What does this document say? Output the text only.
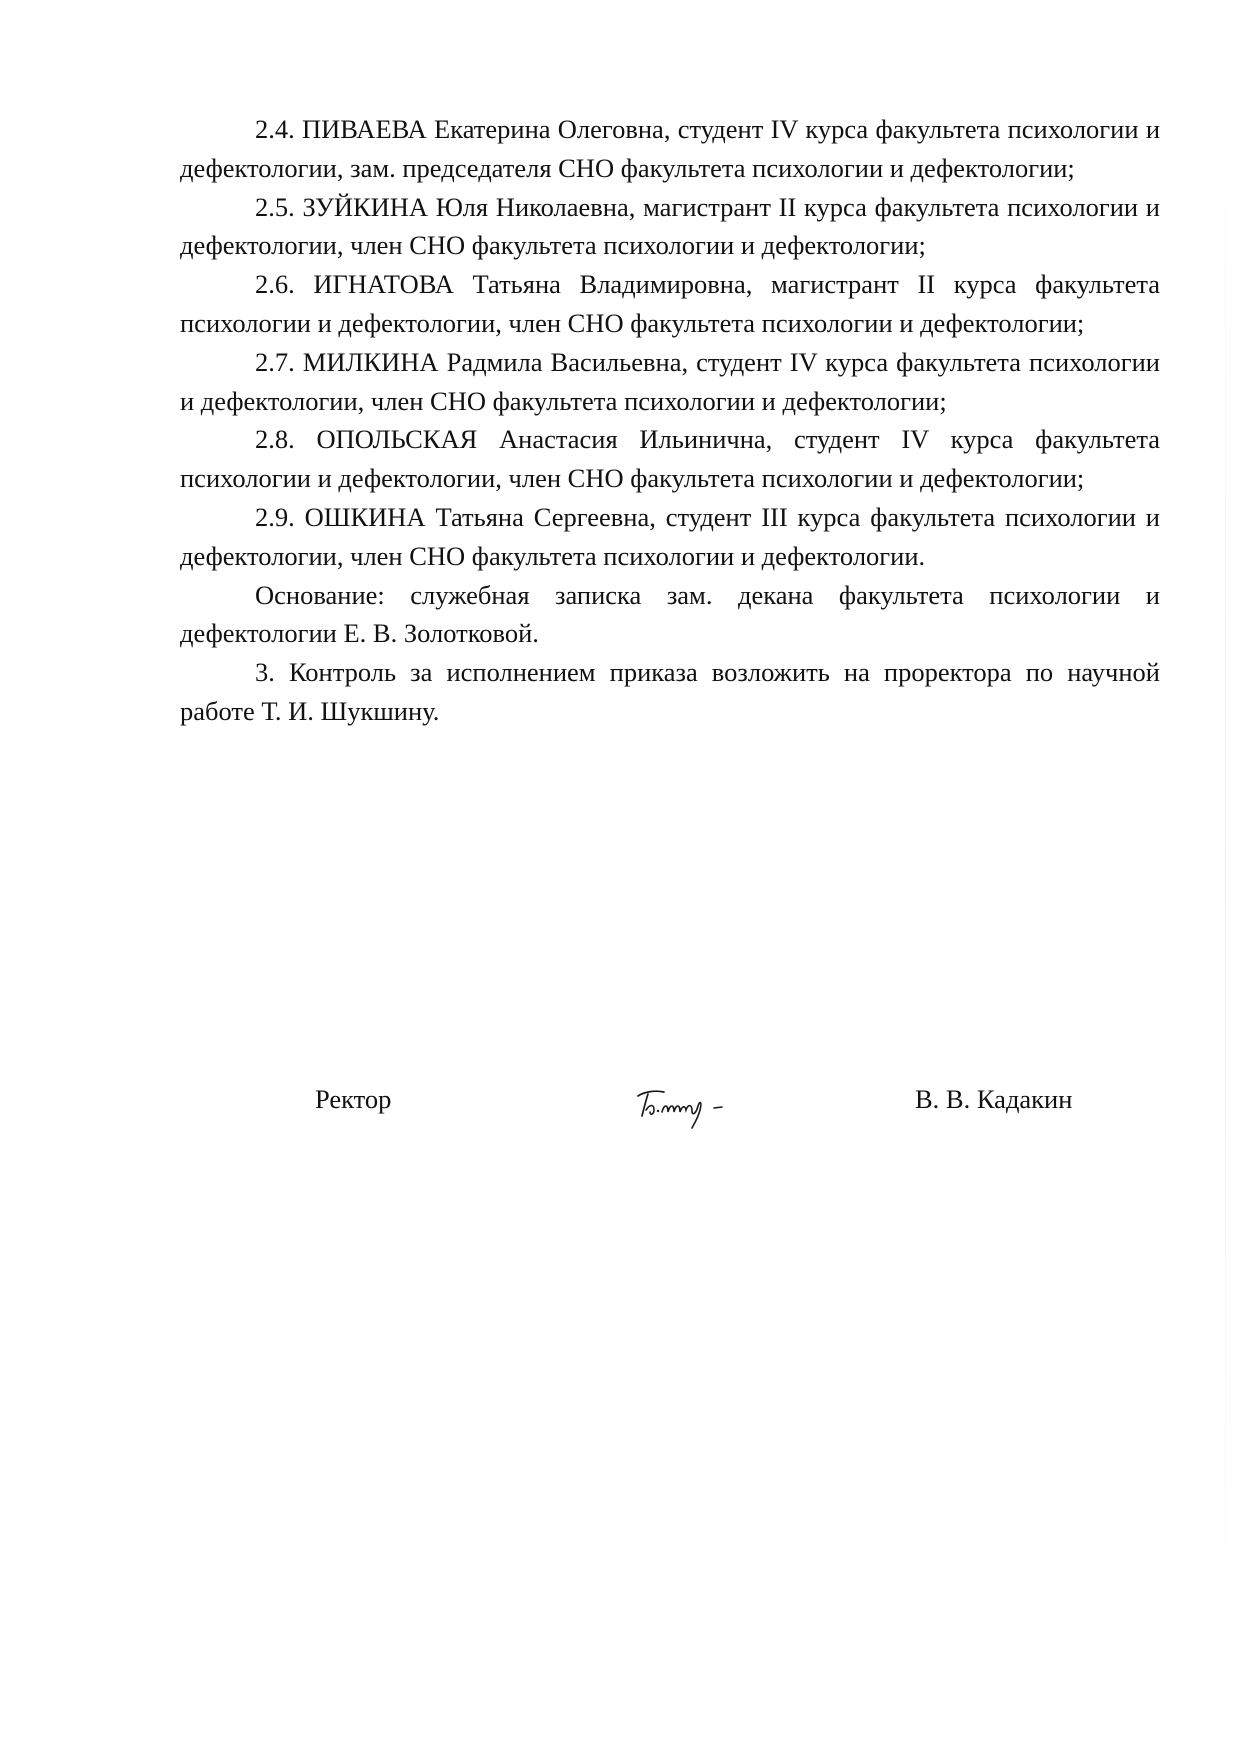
2.4. ПИВАЕВА Екатерина Олеговна, студент IV курса факультета психологии и дефектологии, зам. председателя СНО факультета психологии и дефектологии;

2.5. ЗУЙКИНА Юля Николаевна, магистрант II курса факультета психологии и дефектологии, член СНО факультета психологии и дефектологии;

2.6. ИГНАТОВА Татьяна Владимировна, магистрант II курса факультета психологии и дефектологии, член СНО факультета психологии и дефектологии;

2.7. МИЛКИНА Радмила Васильевна, студент IV курса факультета психологии и дефектологии, член СНО факультета психологии и дефектологии;

2.8. ОПОЛЬСКАЯ Анастасия Ильинична, студент IV курса факультета психологии и дефектологии, член СНО факультета психологии и дефектологии;

2.9. ОШКИНА Татьяна Сергеевна, студент III курса факультета психологии и дефектологии, член СНО факультета психологии и дефектологии.

Основание: служебная записка зам. декана факультета психологии и дефектологии Е. В. Золотковой.

3. Контроль за исполнением приказа возложить на проректора по научной работе Т. И. Шукшину.

Ректор	В. В. Кадакин
